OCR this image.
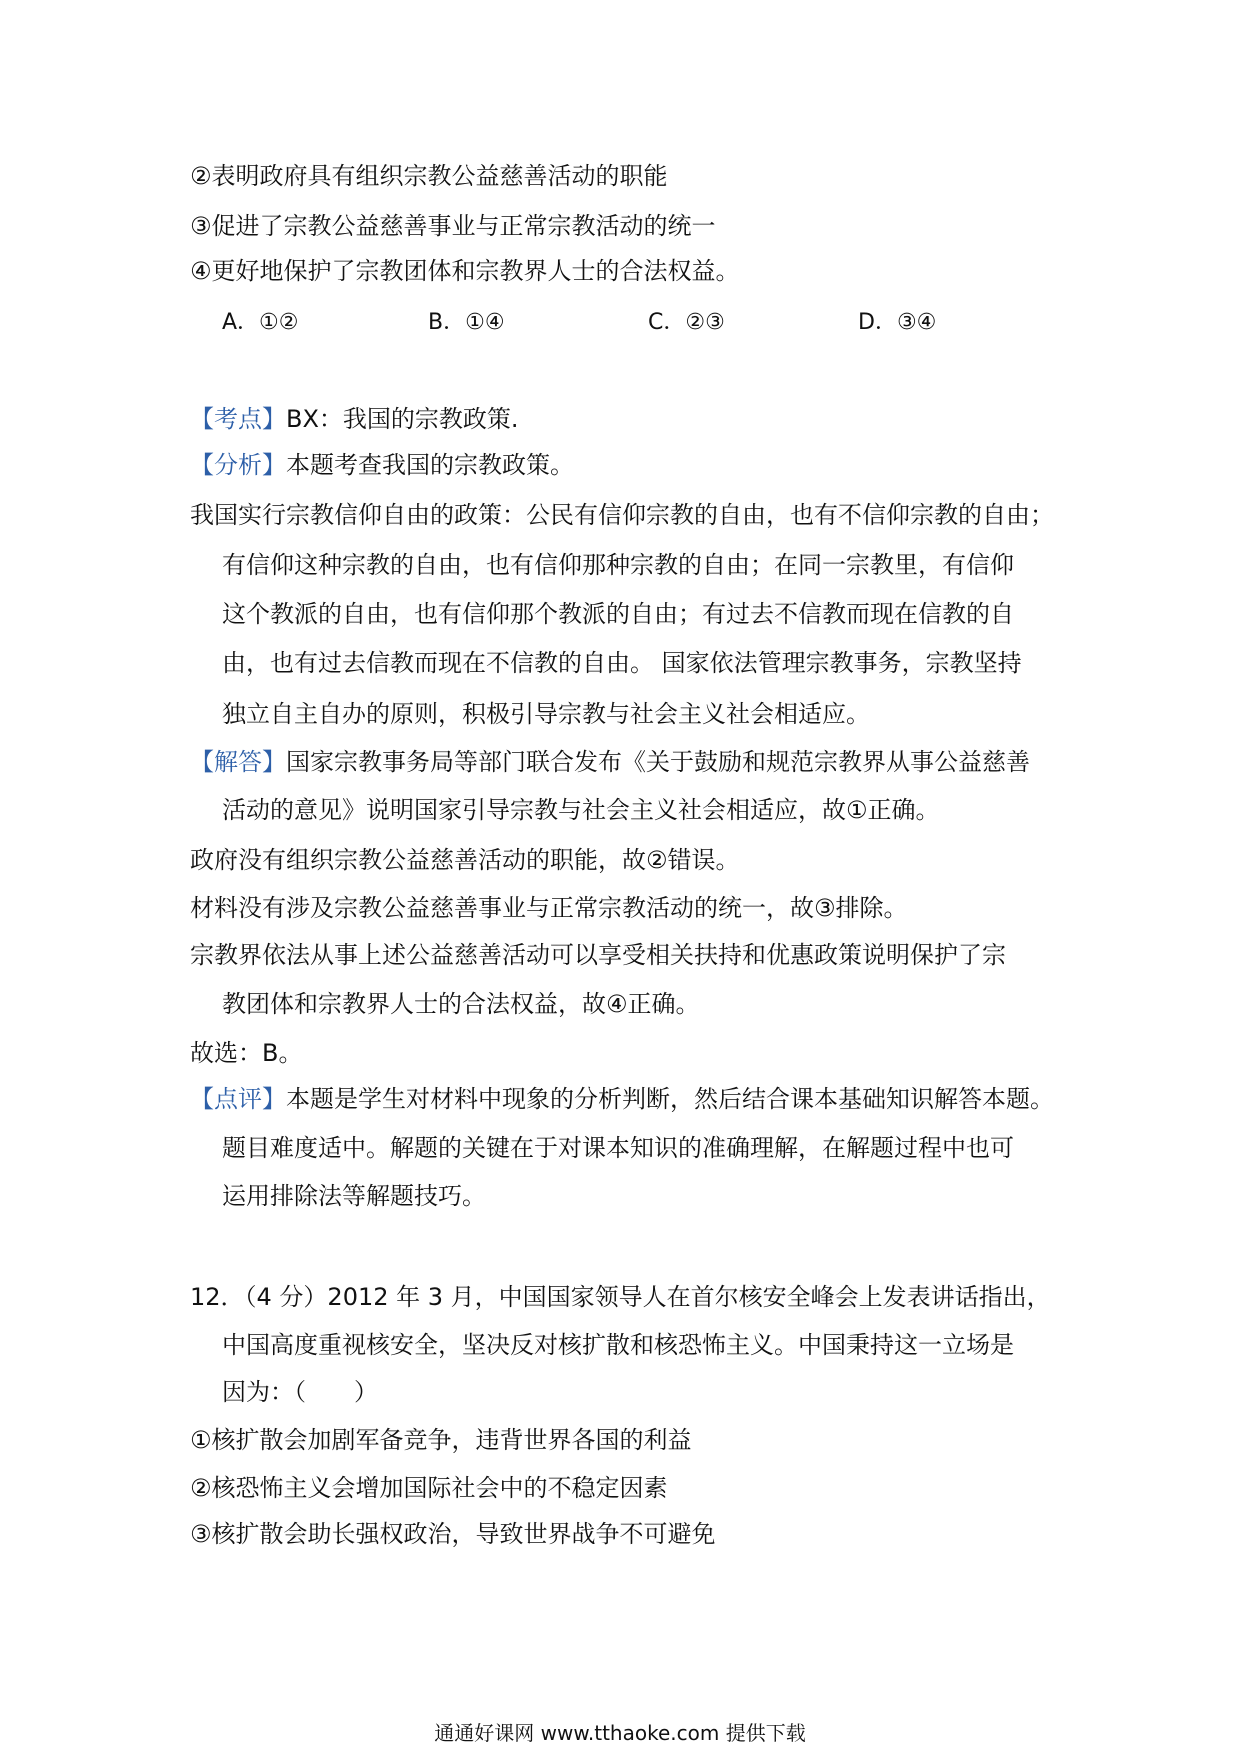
②表明政府具有组织宗教公益慈善活动的职能
③促进了宗教公益慈善事业与正常宗教活动的统一
④更好地保护了宗教团体和宗教界人士的合法权益。
A．①②	B．①④	C．②③	D．③④
【考点】BX：我国的宗教政策.
【分析】本题考查我国的宗教政策。
我国实行宗教信仰自由的政策：公民有信仰宗教的自由，也有不信仰宗教的自由；
有信仰这种宗教的自由，也有信仰那种宗教的自由；在同一宗教里，有信仰
这个教派的自由，也有信仰那个教派的自由；有过去不信教而现在信教的自
由，也有过去信教而现在不信教的自由。 国家依法管理宗教事务，宗教坚持
独立自主自办的原则，积极引导宗教与社会主义社会相适应。
【解答】国家宗教事务局等部门联合发布《关于鼓励和规范宗教界从事公益慈善
活动的意见》说明国家引导宗教与社会主义社会相适应，故①正确。
政府没有组织宗教公益慈善活动的职能，故②错误。
材料没有涉及宗教公益慈善事业与正常宗教活动的统一，故③排除。
宗教界依法从事上述公益慈善活动可以享受相关扶持和优惠政策说明保护了宗
教团体和宗教界人士的合法权益，故④正确。
故选：B。
【点评】本题是学生对材料中现象的分析判断，然后结合课本基础知识解答本题。
题目难度适中。解题的关键在于对课本知识的准确理解，在解题过程中也可
运用排除法等解题技巧。
12．（4 分）2012 年 3 月，中国国家领导人在首尔核安全峰会上发表讲话指出，
中国高度重视核安全，坚决反对核扩散和核恐怖主义。中国秉持这一立场是
因为：（　　）
①核扩散会加剧军备竞争，违背世界各国的利益
②核恐怖主义会增加国际社会中的不稳定因素
③核扩散会助长强权政治，导致世界战争不可避免
通通好课网 www.tthaoke.com 提供下载
